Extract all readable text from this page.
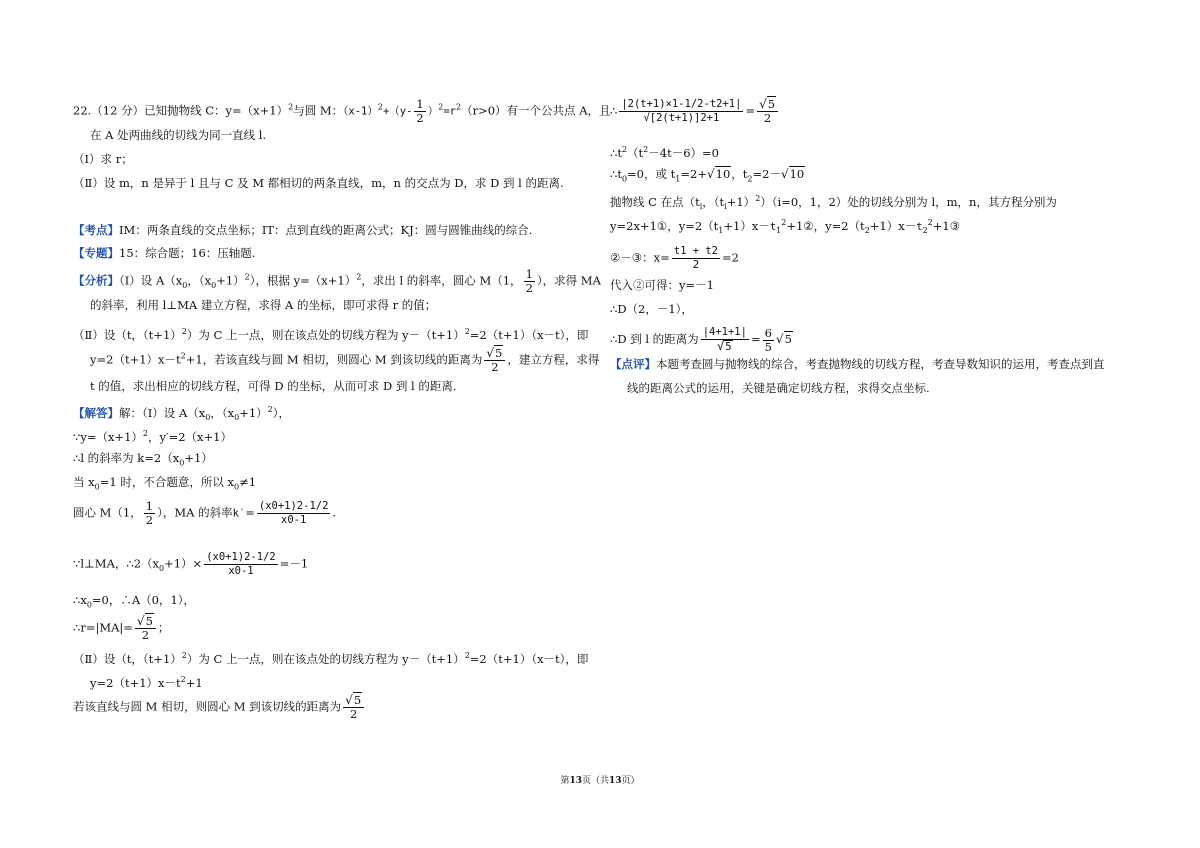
22.（12 分）已知抛物线 C：$y=(x+1)^2$与圆 M：$(x-1)^2+(y- \frac{1}{2} )^2=r^2(r>0)$有一个公共点 A，且
在 A 处两曲线的切线为同一直线 l.
（Ⅰ）求 r；
（Ⅱ）设 m，n 是异于 l 且与 C 及 M 都相切的两条直线，m，n 的交点为 D，求 D 到 l 的距离.
【考点】IM：两条直线的交点坐标；IT：点到直线的距离公式；KJ：圆与圆锥曲线的综合.
【专题】15：综合题；16：压轴题.
【分析】（Ⅰ）设 $A(x_0$，$(x_0+1)^2$），根据 $y=(x+1)^2$，求出 l 的斜率，圆心 M（1， $\frac{1}{2}$ ），求得 MA
的斜率，利用 l⊥MA 建立方程，求得 A 的坐标，即可求得 r 的值；
（Ⅱ）设（t，$(t+1)^2$）为 C 上一点，则在该点处的切线方程为 $y-(t+1)^2=2(t+1)(x-t)$，即
$y=2(t+1)x-t^2+1$，若该直线与圆 M 相切，则圆心 M 到该切线的距离为 $\frac{√5}{2}$ ，建立方程，求得
t 的值，求出相应的切线方程，可得 D 的坐标，从而可求 D 到 l 的距离.
【解答】解：（Ⅰ）设 $A(x_0$，$(x_0+1)^2$），
$\because y=(x+1)^2$，y′=2（x+1）
∴l 的斜率为 $k=2(x_0+1)$
当 $x_0=1$ 时，不合题意，所以 $x_0\ne 1$
圆心 M（1， $\frac{1}{2}$ ），MA 的斜率$k'= \frac{(x0+1)2-1/2}{x0-1}$ .
∵l⊥MA，$\therefore 2(x_0+1)\times \frac{(x0+1)2-1/2}{x0-1} =-1$
$\therefore x_0=0$，∴A（0，1），
∴r=|MA|= $\frac{√5}{2}$ ；
（Ⅱ）设（t，$(t+1)^2$）为 C 上一点，则在该点处的切线方程为 $y-(t+1)^2=2(t+1)(x-t)$，即
$y=2(t+1)x-t^2+1$
若该直线与圆 M 相切，则圆心 M 到该切线的距离为 $\frac{√5}{2}$
∴ $\frac{|2(t+1)\times 1-1/2-t2+1|}{√[2(t+1)]2+1} = \frac{√5}{2}$
$\therefore t^2(t^2-4t-6)=0$
$\therefore t_0=0$，或 $t_1=2+√10$，$t_2=2-√10$
抛物线 C 在点（$t_i$，$(t_i+1)^2)(i=0$，1，2）处的切线分别为 l，m，n，其方程分别为
y=2x+1①，$y=2(t_1+1)x-t_1^2+1②$，$y=2(t_2+1)x-t_2^2+1③$
②－③：$x= \frac{t1 + t2}{2} =2$
代入②可得：y=－1
∴D（2，－1），
∴D 到 l 的距离为 $\frac{|4+1+1|}{√5} = \frac{6}{5} √5$
【点评】本题考查圆与抛物线的综合，考查抛物线的切线方程，考查导数知识的运用，考查点到直
线的距离公式的运用，关键是确定切线方程，求得交点坐标.
第13页（共13页）
